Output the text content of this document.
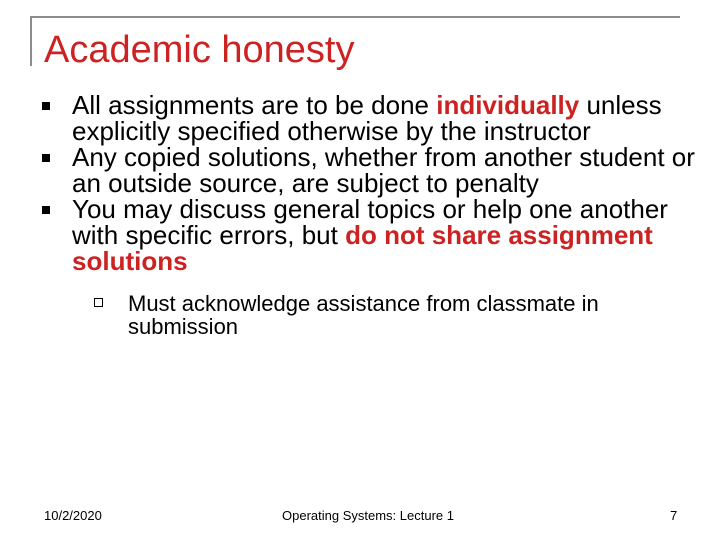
Academic honesty
All assignments are to be done individually unless explicitly specified otherwise by the instructor
Any copied solutions, whether from another student or an outside source, are subject to penalty
You may discuss general topics or help one another with specific errors, but do not share assignment solutions
Must acknowledge assistance from classmate in submission
10/2/2020	Operating Systems: Lecture 1	7
